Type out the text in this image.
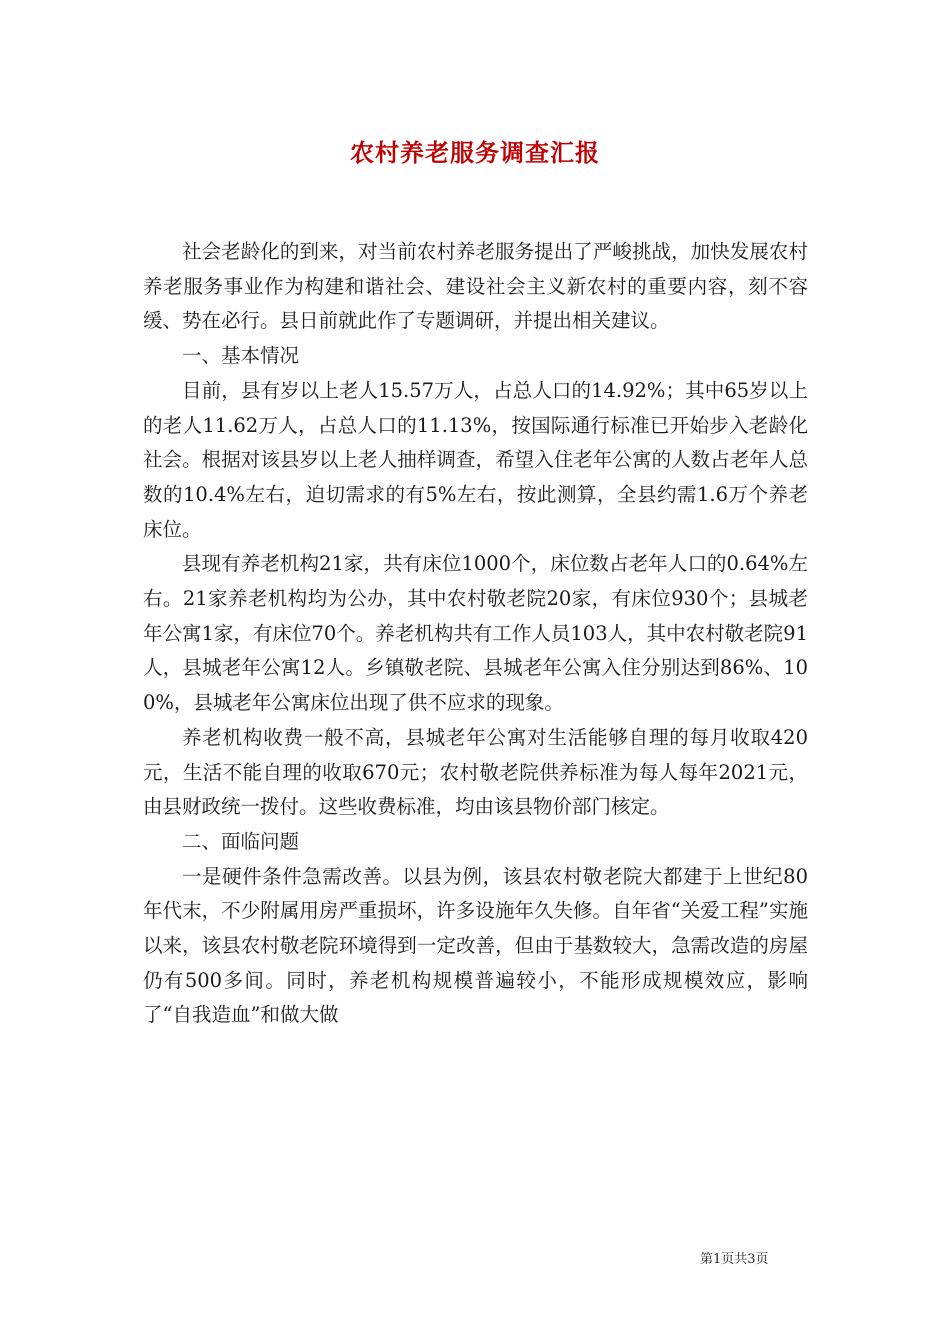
农村养老服务调查汇报

社会老龄化的到来，对当前农村养老服务提出了严峻挑战，加快发展农村养老服务事业作为构建和谐社会、建设社会主义新农村的重要内容，刻不容缓、势在必行。县日前就此作了专题调研，并提出相关建议。

一、基本情况

目前，县有岁以上老人15.57万人，占总人口的14.92%；其中65岁以上的老人11.62万人，占总人口的11.13%，按国际通行标准已开始步入老龄化社会。根据对该县岁以上老人抽样调查，希望入住老年公寓的人数占老年人总数的10.4%左右，迫切需求的有5%左右，按此测算，全县约需1.6万个养老床位。

县现有养老机构21家，共有床位1000个，床位数占老年人口的0.64%左右。21家养老机构均为公办，其中农村敬老院20家，有床位930个；县城老年公寓1家，有床位70个。养老机构共有工作人员103人，其中农村敬老院91人，县城老年公寓12人。乡镇敬老院、县城老年公寓入住分别达到86%、100%，县城老年公寓床位出现了供不应求的现象。

养老机构收费一般不高，县城老年公寓对生活能够自理的每月收取420元，生活不能自理的收取670元；农村敬老院供养标准为每人每年2021元，由县财政统一拨付。这些收费标准，均由该县物价部门核定。

二、面临问题

一是硬件条件急需改善。以县为例，该县农村敬老院大都建于上世纪80年代末，不少附属用房严重损坏，许多设施年久失修。自年省“关爱工程”实施以来，该县农村敬老院环境得到一定改善，但由于基数较大，急需改造的房屋仍有500多间。同时，养老机构规模普遍较小，不能形成规模效应，影响了“自我造血”和做大做

第1页共3页
